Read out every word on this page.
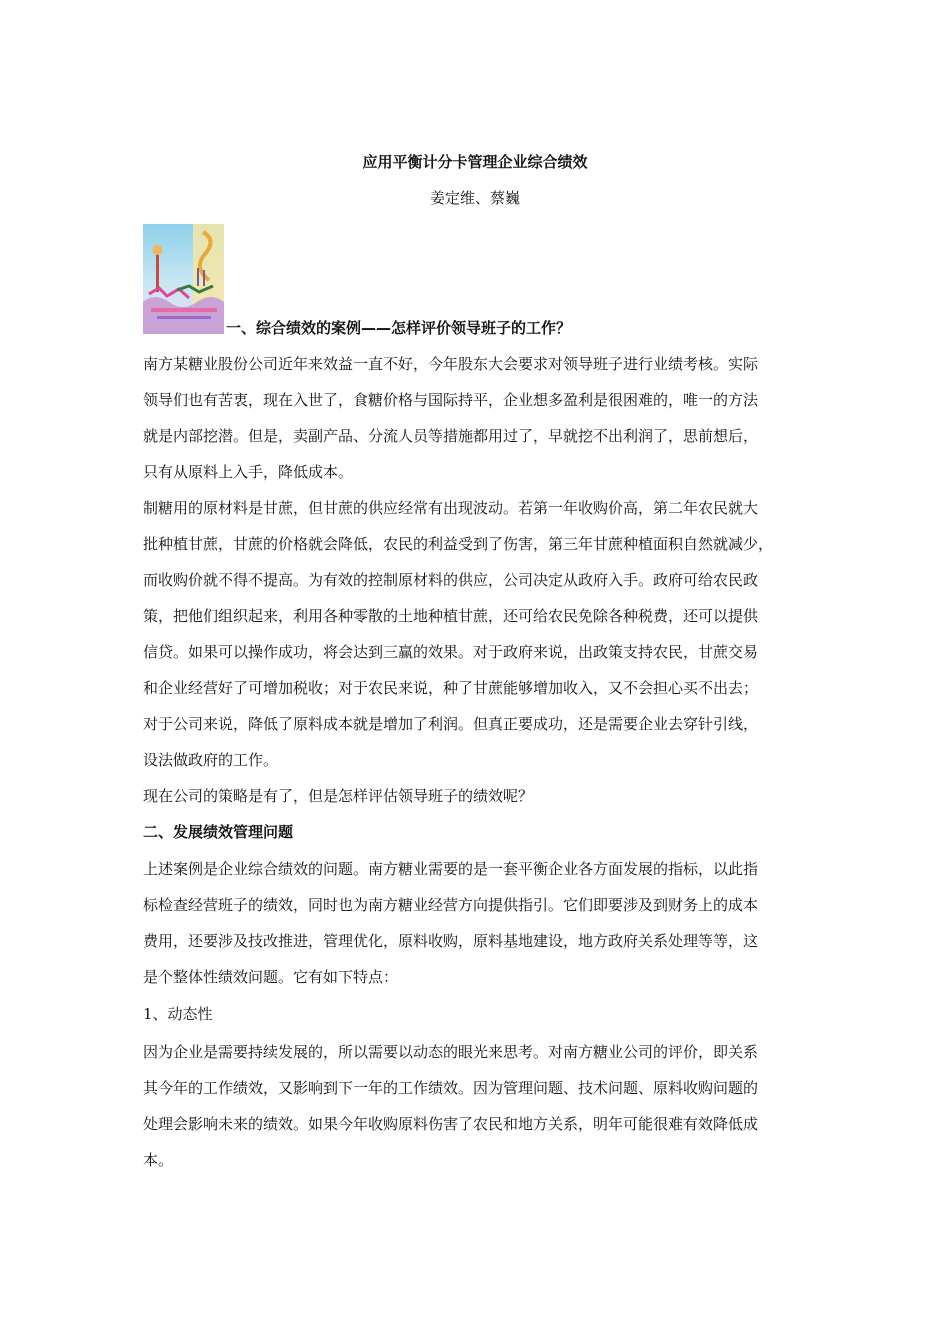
应用平衡计分卡管理企业综合绩效
姜定维、蔡巍
一、综合绩效的案例——怎样评价领导班子的工作？
南方某糖业股份公司近年来效益一直不好，今年股东大会要求对领导班子进行业绩考核。实际
领导们也有苦衷，现在入世了，食糖价格与国际持平，企业想多盈利是很困难的，唯一的方法
就是内部挖潜。但是，卖副产品、分流人员等措施都用过了，早就挖不出利润了，思前想后，
只有从原料上入手，降低成本。
制糖用的原材料是甘蔗，但甘蔗的供应经常有出现波动。若第一年收购价高，第二年农民就大
批种植甘蔗，甘蔗的价格就会降低，农民的利益受到了伤害，第三年甘蔗种植面积自然就减少，
而收购价就不得不提高。为有效的控制原材料的供应，公司决定从政府入手。政府可给农民政
策，把他们组织起来，利用各种零散的土地种植甘蔗，还可给农民免除各种税费，还可以提供
信贷。如果可以操作成功，将会达到三赢的效果。对于政府来说，出政策支持农民，甘蔗交易
和企业经营好了可增加税收；对于农民来说，种了甘蔗能够增加收入，又不会担心买不出去；
对于公司来说，降低了原料成本就是增加了利润。但真正要成功，还是需要企业去穿针引线，
设法做政府的工作。
现在公司的策略是有了，但是怎样评估领导班子的绩效呢？
二、发展绩效管理问题
上述案例是企业综合绩效的问题。南方糖业需要的是一套平衡企业各方面发展的指标，以此指
标检查经营班子的绩效，同时也为南方糖业经营方向提供指引。它们即要涉及到财务上的成本
费用，还要涉及技改推进，管理优化，原料收购，原料基地建设，地方政府关系处理等等，这
是个整体性绩效问题。它有如下特点：
1、动态性
因为企业是需要持续发展的，所以需要以动态的眼光来思考。对南方糖业公司的评价，即关系
其今年的工作绩效，又影响到下一年的工作绩效。因为管理问题、技术问题、原料收购问题的
处理会影响未来的绩效。如果今年收购原料伤害了农民和地方关系，明年可能很难有效降低成
本。
